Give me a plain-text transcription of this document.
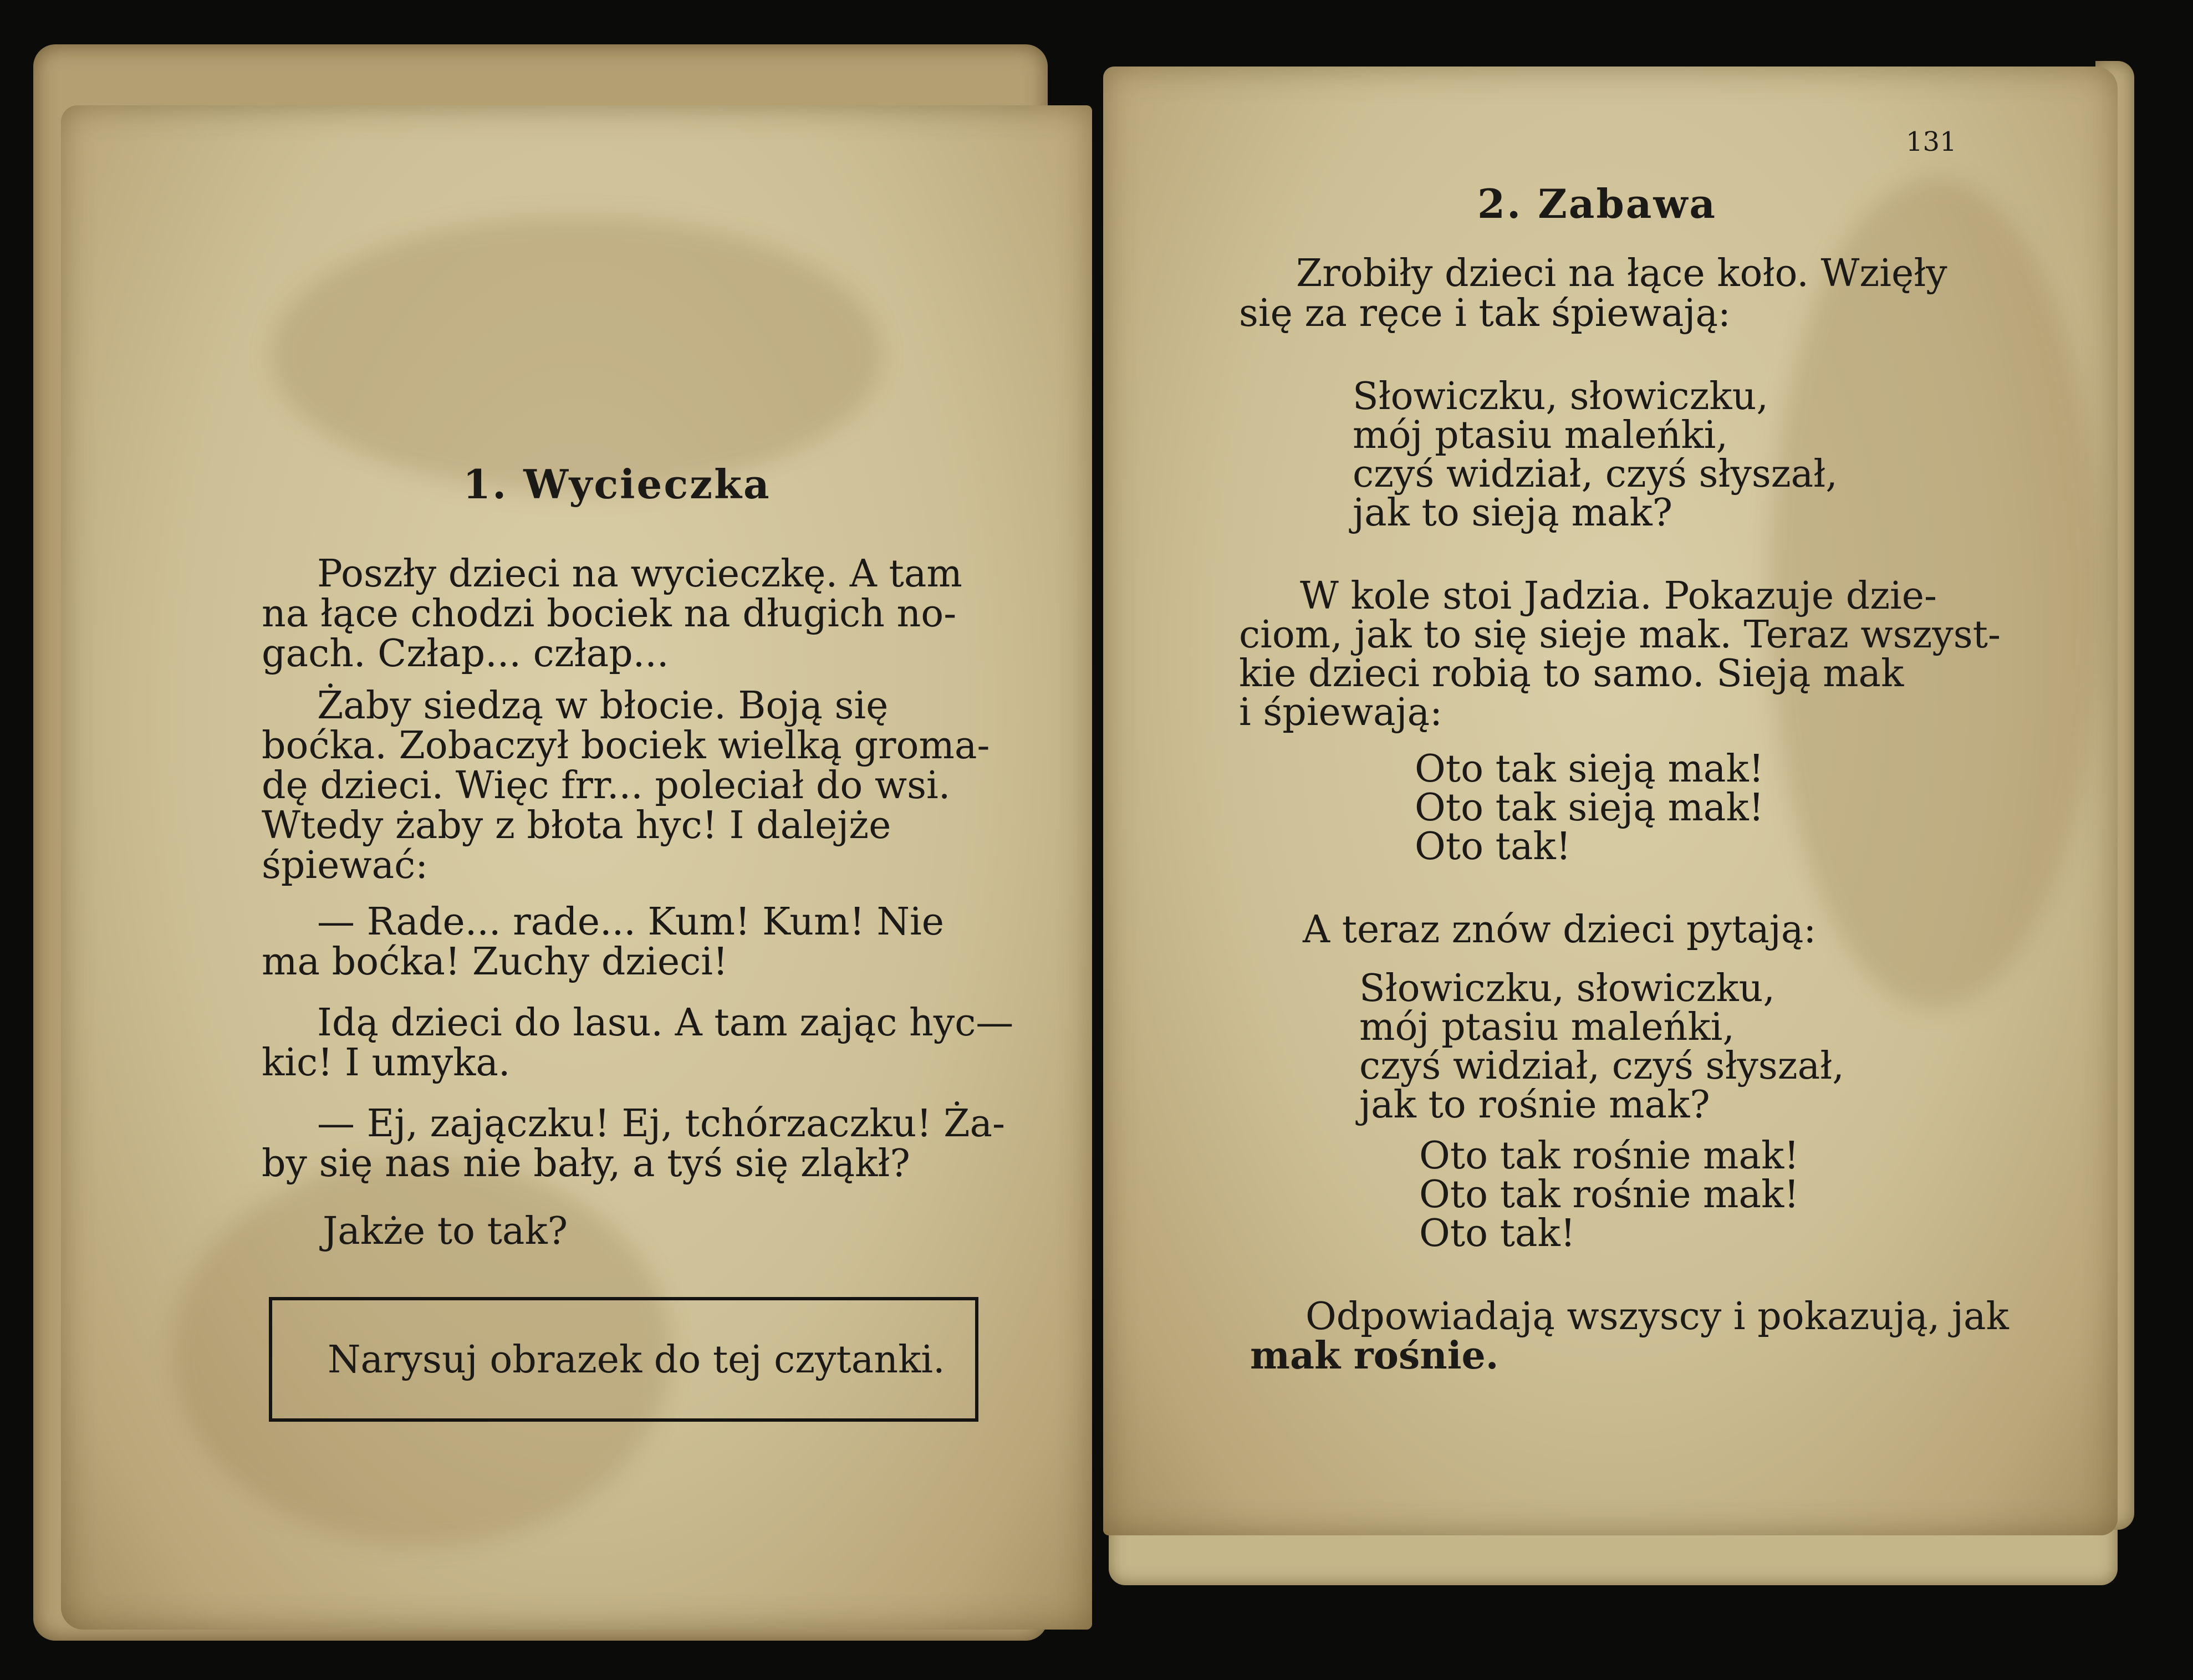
1. Wycieczka

Poszły dzieci na wycieczkę. A tam

na łące chodzi bociek na długich no-

gach. Człap... człap...

Żaby siedzą w błocie. Boją się

boćka. Zobaczył bociek wielką groma-

dę dzieci. Więc frr... poleciał do wsi.

Wtedy żaby z błota hyc! I dalejże

śpiewać:

— Rade... rade... Kum! Kum! Nie

ma boćka! Zuchy dzieci!

Idą dzieci do lasu. A tam zając hyc—

kic! I umyka.

— Ej, zajączku! Ej, tchórzaczku! Ża-

by się nas nie bały, a tyś się zląkł?

Jakże to tak?

Narysuj obrazek do tej czytanki.

131

2. Zabawa

Zrobiły dzieci na łące koło. Wzięły

się za ręce i tak śpiewają:

Słowiczku, słowiczku,

mój ptasiu maleńki,

czyś widział, czyś słyszał,

jak to sieją mak?

W kole stoi Jadzia. Pokazuje dzie-

ciom, jak to się sieje mak. Teraz wszyst-

kie dzieci robią to samo. Sieją mak

i śpiewają:

Oto tak sieją mak!

Oto tak sieją mak!

Oto tak!

A teraz znów dzieci pytają:

Słowiczku, słowiczku,

mój ptasiu maleńki,

czyś widział, czyś słyszał,

jak to rośnie mak?

Oto tak rośnie mak!

Oto tak rośnie mak!

Oto tak!

Odpowiadają wszyscy i pokazują, jak

mak rośnie.
